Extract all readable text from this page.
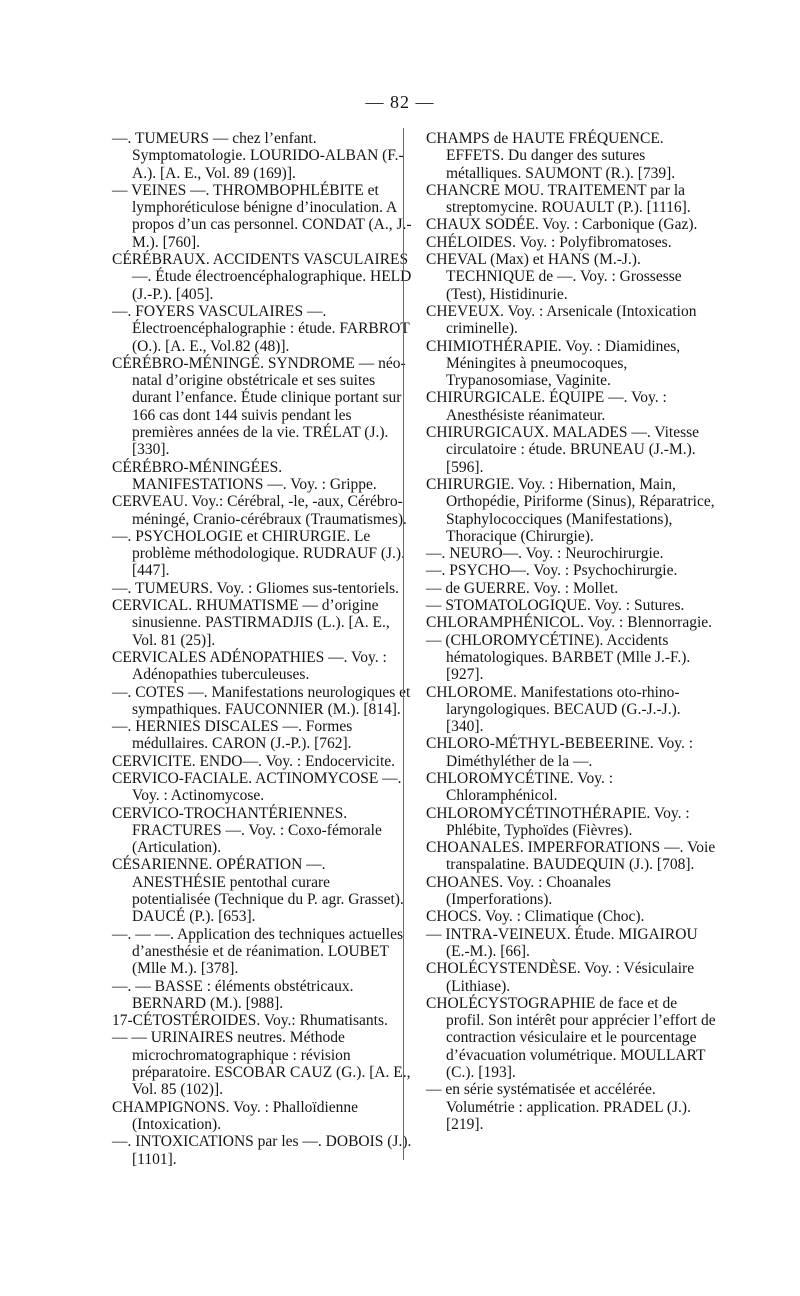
— 82 —

—. TUMEURS — chez l’enfant. Symptomatologie. LOURIDO-ALBAN (F.-A.). [A. E., Vol. 89 (169)].

— VEINES —. THROMBOPHLÉBITE et lymphoréticulose bénigne d’inoculation. A propos d’un cas personnel. CONDAT (A., J.-M.). [760].

CÉRÉBRAUX. ACCIDENTS VASCULAIRES —. Étude électroencéphalographique. HELD (J.-P.). [405].

—. FOYERS VASCULAIRES —. Électroencéphalographie : étude. FARBROT (O.). [A. E., Vol.82 (48)].

CÉRÉBRO-MÉNINGÉ. SYNDROME — néo-natal d’origine obstétricale et ses suites durant l’enfance. Étude clinique portant sur 166 cas dont 144 suivis pendant les premières années de la vie. TRÉLAT (J.). [330].

CÉRÉBRO-MÉNINGÉES. MANIFESTATIONS —. Voy. : Grippe.

CERVEAU. Voy.: Cérébral, -le, -aux, Cérébro-méningé, Cranio-cérébraux (Traumatismes).

—. PSYCHOLOGIE et CHIRURGIE. Le problème méthodologique. RUDRAUF (J.). [447].

—. TUMEURS. Voy. : Gliomes sus-tentoriels.

CERVICAL. RHUMATISME — d’origine sinusienne. PASTIRMADJIS (L.). [A. E., Vol. 81 (25)].

CERVICALES ADÉNOPATHIES —. Voy. : Adénopathies tuberculeuses.

—. COTES —. Manifestations neurologiques et sympathiques. FAUCONNIER (M.). [814].

—. HERNIES DISCALES —. Formes médullaires. CARON (J.-P.). [762].

CERVICITE. ENDO—. Voy. : Endocervicite.

CERVICO-FACIALE. ACTINOMYCOSE —. Voy. : Actinomycose.

CERVICO-TROCHANTÉRIENNES. FRACTURES —. Voy. : Coxo-fémorale (Articulation).

CÉSARIENNE. OPÉRATION —. ANESTHÉSIE pentothal curare potentialisée (Technique du P. agr. Grasset). DAUCÉ (P.). [653].

—. — —. Application des techniques actuelles d’anesthésie et de réanimation. LOUBET (Mlle M.). [378].

—. — BASSE : éléments obstétricaux. BERNARD (M.). [988].

17-CÉTOSTÉROIDES. Voy.: Rhumatisants.

— — URINAIRES neutres. Méthode microchromatographique : révision préparatoire. ESCOBAR CAUZ (G.). [A. E., Vol. 85 (102)].

CHAMPIGNONS. Voy. : Phalloïdienne (Intoxication).

—. INTOXICATIONS par les —. DOBOIS (J.). [1101].

CHAMPS de HAUTE FRÉQUENCE. EFFETS. Du danger des sutures métalliques. SAUMONT (R.). [739].

CHANCRE MOU. TRAITEMENT par la streptomycine. ROUAULT (P.). [1116].

CHAUX SODÉE. Voy. : Carbonique (Gaz).

CHÉLOIDES. Voy. : Polyfibromatoses.

CHEVAL (Max) et HANS (M.-J.). TECHNIQUE de —. Voy. : Grossesse (Test), Histidinurie.

CHEVEUX. Voy. : Arsenicale (Intoxication criminelle).

CHIMIOTHÉRAPIE. Voy. : Diamidines, Méningites à pneumocoques, Trypanosomiase, Vaginite.

CHIRURGICALE. ÉQUIPE —. Voy. : Anesthésiste réanimateur.

CHIRURGICAUX. MALADES —. Vitesse circulatoire : étude. BRUNEAU (J.-M.). [596].

CHIRURGIE. Voy. : Hibernation, Main, Orthopédie, Piriforme (Sinus), Réparatrice, Staphylococciques (Manifestations), Thoracique (Chirurgie).

—. NEURO—. Voy. : Neurochirurgie.

—. PSYCHO—. Voy. : Psychochirurgie.

— de GUERRE. Voy. : Mollet.

— STOMATOLOGIQUE. Voy. : Sutures.

CHLORAMPHÉNICOL. Voy. : Blennorragie.

— (CHLOROMYCÉTINE). Accidents hématologiques. BARBET (Mlle J.-F.). [927].

CHLOROME. Manifestations oto-rhino-laryngologiques. BECAUD (G.-J.-J.). [340].

CHLORO-MÉTHYL-BEBEERINE. Voy. : Diméthyléther de la —.

CHLOROMYCÉTINE. Voy. : Chloramphénicol.

CHLOROMYCÉTINOTHÉRAPIE. Voy. : Phlébite, Typhoïdes (Fièvres).

CHOANALES. IMPERFORATIONS —. Voie transpalatine. BAUDEQUIN (J.). [708].

CHOANES. Voy. : Choanales (Imperforations).

CHOCS. Voy. : Climatique (Choc).

— INTRA-VEINEUX. Étude. MIGAIROU (E.-M.). [66].

CHOLÉCYSTENDÈSE. Voy. : Vésiculaire (Lithiase).

CHOLÉCYSTOGRAPHIE de face et de profil. Son intérêt pour apprécier l’effort de contraction vésiculaire et le pourcentage d’évacuation volumétrique. MOULLART (C.). [193].

— en série systématisée et accélérée. Volumétrie : application. PRADEL (J.). [219].
